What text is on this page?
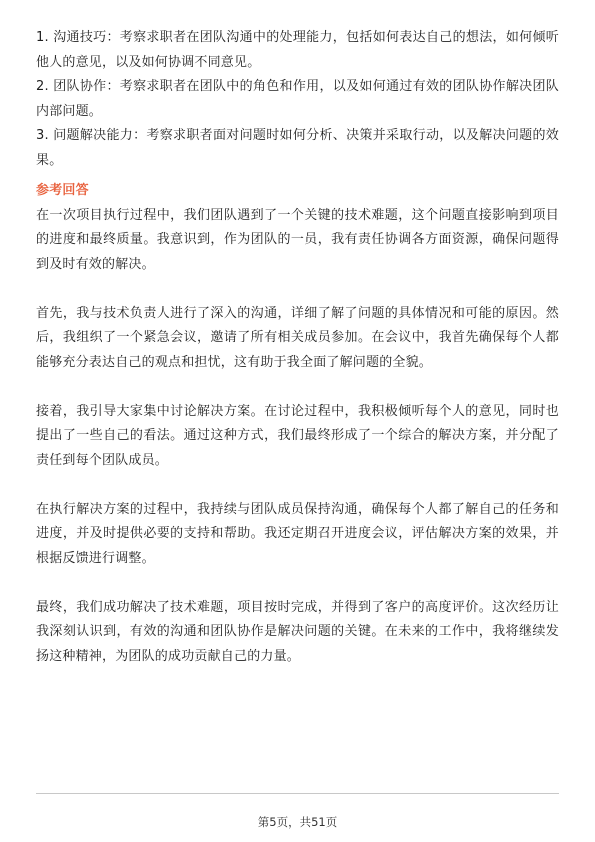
1. 沟通技巧：考察求职者在团队沟通中的处理能力，包括如何表达自己的想法，如何倾听他人的意见，以及如何协调不同意见。

2. 团队协作：考察求职者在团队中的角色和作用，以及如何通过有效的团队协作解决团队内部问题。

3. 问题解决能力：考察求职者面对问题时如何分析、决策并采取行动，以及解决问题的效果。

参考回答

在一次项目执行过程中，我们团队遇到了一个关键的技术难题，这个问题直接影响到项目的进度和最终质量。我意识到，作为团队的一员，我有责任协调各方面资源，确保问题得到及时有效的解决。

首先，我与技术负责人进行了深入的沟通，详细了解了问题的具体情况和可能的原因。然后，我组织了一个紧急会议，邀请了所有相关成员参加。在会议中，我首先确保每个人都能够充分表达自己的观点和担忧，这有助于我全面了解问题的全貌。

接着，我引导大家集中讨论解决方案。在讨论过程中，我积极倾听每个人的意见，同时也提出了一些自己的看法。通过这种方式，我们最终形成了一个综合的解决方案，并分配了责任到每个团队成员。

在执行解决方案的过程中，我持续与团队成员保持沟通，确保每个人都了解自己的任务和进度，并及时提供必要的支持和帮助。我还定期召开进度会议，评估解决方案的效果，并根据反馈进行调整。

最终，我们成功解决了技术难题，项目按时完成，并得到了客户的高度评价。这次经历让我深刻认识到，有效的沟通和团队协作是解决问题的关键。在未来的工作中，我将继续发扬这种精神，为团队的成功贡献自己的力量。

第5页，共51页
